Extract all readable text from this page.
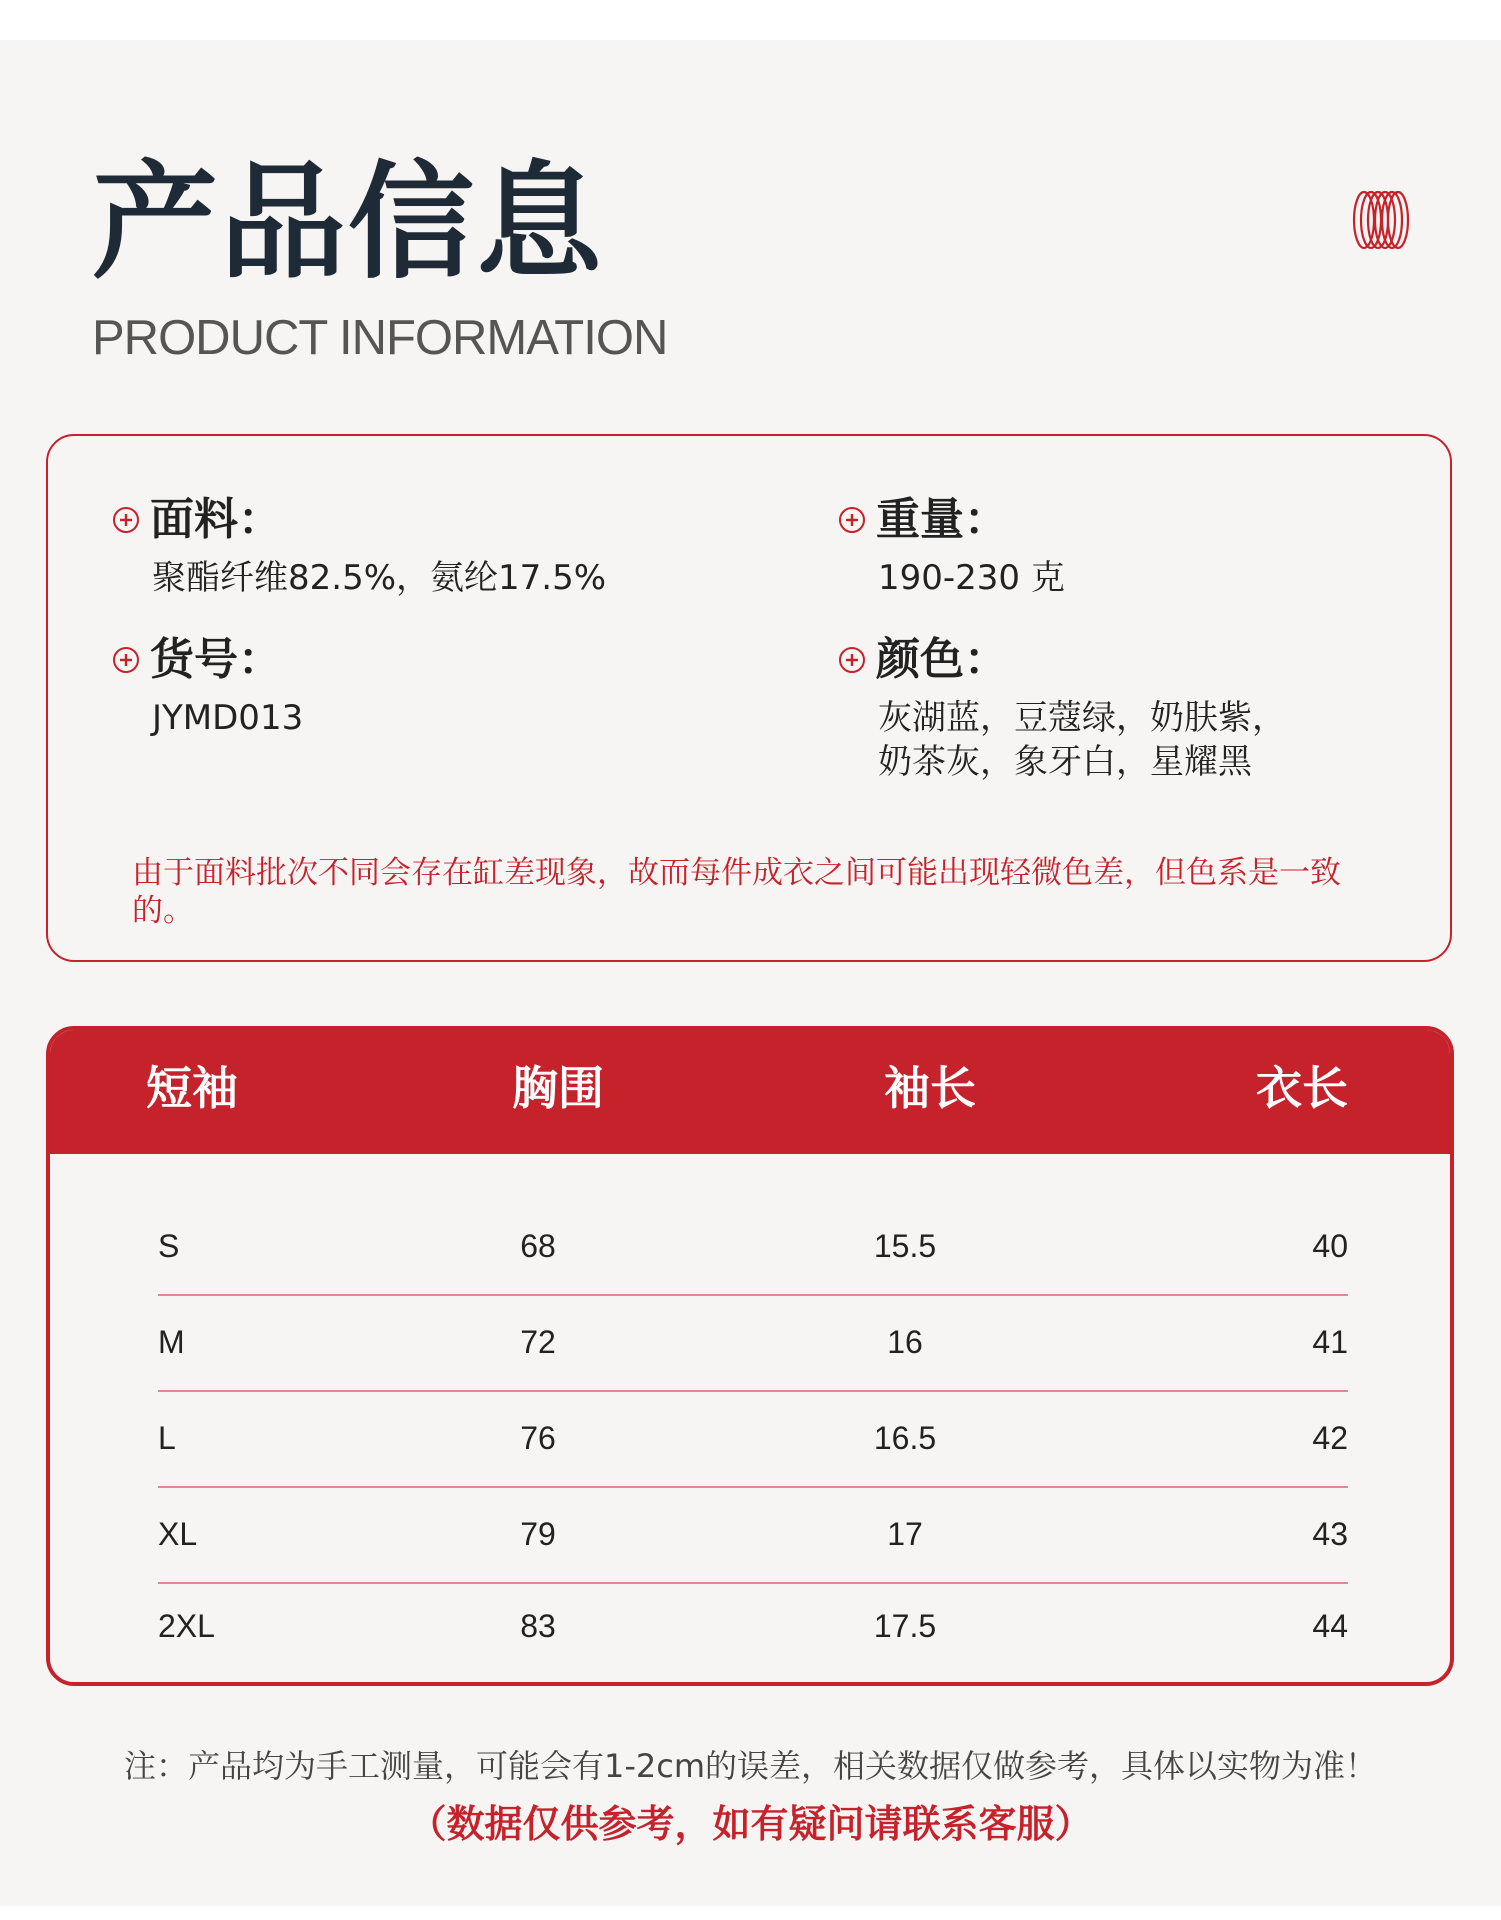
产品信息
PRODUCT INFORMATION
面料：
聚酯纤维82.5%，氨纶17.5%
重量：
190-230 克
货号：
JYMD013
颜色：
灰湖蓝，豆蔻绿，奶肤紫，
奶茶灰，象牙白，星耀黑
由于面料批次不同会存在缸差现象，故而每件成衣之间可能出现轻微色差，但色系是一致的。
短袖	胸围	袖长	衣长
S	68	15.5	40
M	72	16	41
L	76	16.5	42
XL	79	17	43
2XL	83	17.5	44
注：产品均为手工测量，可能会有1-2cm的误差，相关数据仅做参考，具体以实物为准！
（数据仅供参考，如有疑问请联系客服）
